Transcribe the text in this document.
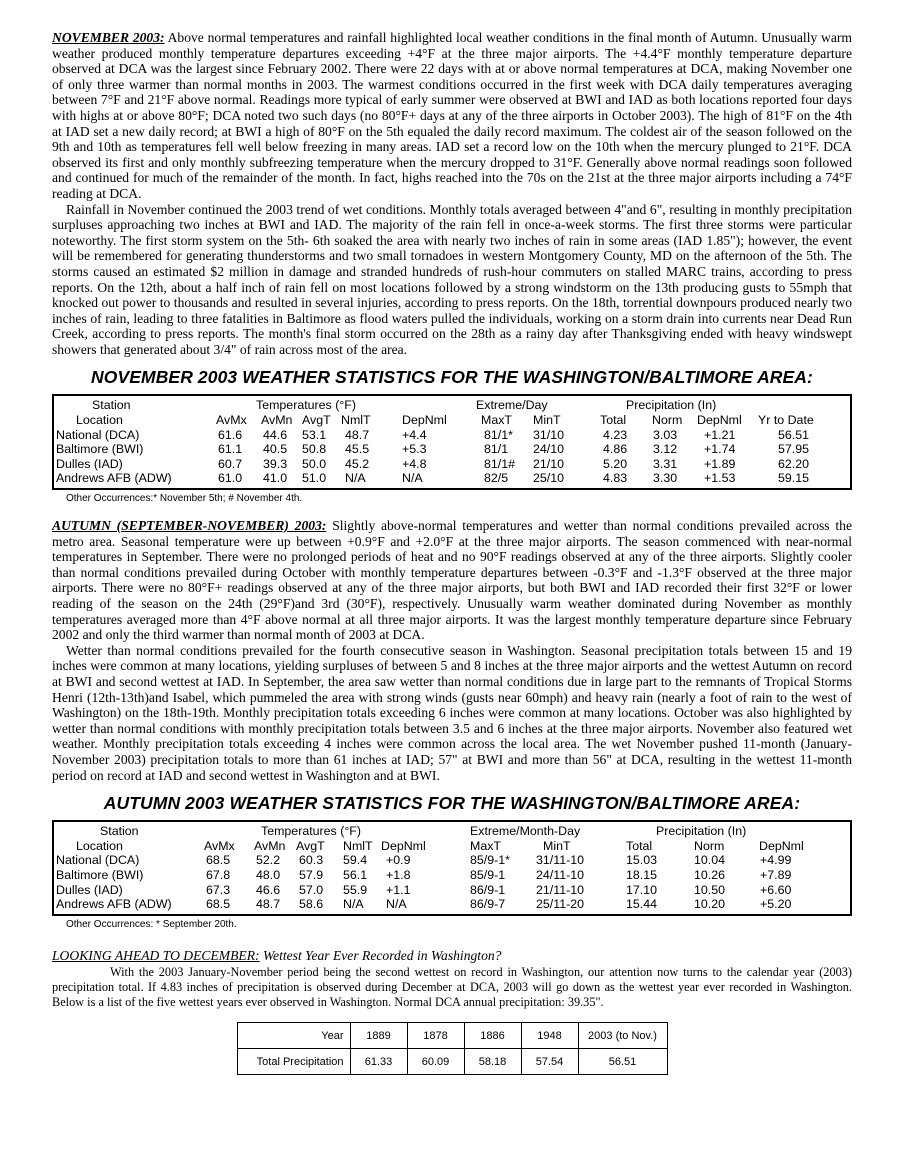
NOVEMBER 2003: Above normal temperatures and rainfall highlighted local weather conditions in the final month of Autumn. Unusually warm weather produced monthly temperature departures exceeding +4°F at the three major airports. The +4.4°F monthly temperature departure observed at DCA was the largest since February 2002. There were 22 days with at or above normal temperatures at DCA, making November one of only three warmer than normal months in 2003. The warmest conditions occurred in the first week with DCA daily temperatures averaging between 7°F and 21°F above normal. Readings more typical of early summer were observed at BWI and IAD as both locations reported four days with highs at or above 80°F; DCA noted two such days (no 80°F+ days at any of the three airports in October 2003). The high of 81°F on the 4th at IAD set a new daily record; at BWI a high of 80°F on the 5th equaled the daily record maximum. The coldest air of the season followed on the 9th and 10th as temperatures fell well below freezing in many areas. IAD set a record low on the 10th when the mercury plunged to 21°F. DCA observed its first and only monthly subfreezing temperature when the mercury dropped to 31°F. Generally above normal readings soon followed and continued for much of the remainder of the month. In fact, highs reached into the 70s on the 21st at the three major airports including a 74°F reading at DCA.

Rainfall in November continued the 2003 trend of wet conditions. Monthly totals averaged between 4"and 6", resulting in monthly precipitation surpluses approaching two inches at BWI and IAD. The majority of the rain fell in once-a-week storms. The first three storms were particular noteworthy. The first storm system on the 5th- 6th soaked the area with nearly two inches of rain in some areas (IAD 1.85"); however, the event will be remembered for generating thunderstorms and two small tornadoes in western Montgomery County, MD on the afternoon of the 5th. The storms caused an estimated $2 million in damage and stranded hundreds of rush-hour commuters on stalled MARC trains, according to press reports. On the 12th, about a half inch of rain fell on most locations followed by a strong windstorm on the 13th producing gusts to 55mph that knocked out power to thousands and resulted in several injuries, according to press reports. On the 18th, torrential downpours produced nearly two inches of rain, leading to three fatalities in Baltimore as flood waters pulled the individuals, working on a storm drain into currents near Dead Run Creek, according to press reports. The month's final storm occurred on the 28th as a rainy day after Thanksgiving ended with heavy windswept showers that generated about 3/4" of rain across most of the area.

NOVEMBER 2003 WEATHER STATISTICS FOR THE WASHINGTON/BALTIMORE AREA:
Station	Temperatures (°F)	Extreme/Day	Precipitation (In)
Location	AvMx AvMn AvgT NmlT	DepNml	MaxT MinT	Total Norm DepNml Yr to Date
National (DCA)	61.6 44.6 53.1 48.7	+4.4	81/1* 31/10	4.23 3.03 +1.21	56.51
Baltimore (BWI)	61.1 40.5 50.8 45.5	+5.3	81/1 24/10	4.86 3.12 +1.74	57.95
Dulles (IAD)	60.7 39.3 50.0 45.2	+4.8	81/1# 21/10	5.20 3.31 +1.89	62.20
Andrews AFB (ADW)	61.0 41.0 51.0 N/A	N/A	82/5 25/10	4.83 3.30 +1.53	59.15
Other Occurrences:* November 5th; # November 4th.

AUTUMN (SEPTEMBER-NOVEMBER) 2003: Slightly above-normal temperatures and wetter than normal conditions prevailed across the metro area. Seasonal temperature were up between +0.9°F and +2.0°F at the three major airports. The season commenced with near-normal temperatures in September. There were no prolonged periods of heat and no 90°F readings observed at any of the three airports. Slightly cooler than normal conditions prevailed during October with monthly temperature departures between -0.3°F and -1.3°F observed at the three major airports. There were no 80°F+ readings observed at any of the three major airports, but both BWI and IAD recorded their first 32°F or lower reading of the season on the 24th (29°F)and 3rd (30°F), respectively. Unusually warm weather dominated during November as monthly temperatures averaged more than 4°F above normal at all three major airports. It was the largest monthly temperature departure since February 2002 and only the third warmer than normal month of 2003 at DCA.

Wetter than normal conditions prevailed for the fourth consecutive season in Washington. Seasonal precipitation totals between 15 and 19 inches were common at many locations, yielding surpluses of between 5 and 8 inches at the three major airports and the wettest Autumn on record at BWI and second wettest at IAD. In September, the area saw wetter than normal conditions due in large part to the remnants of Tropical Storms Henri (12th-13th)and Isabel, which pummeled the area with strong winds (gusts near 60mph) and heavy rain (nearly a foot of rain to the west of Washington) on the 18th-19th. Monthly precipitation totals exceeding 6 inches were common at many locations. October was also highlighted by wetter than normal conditions with monthly precipitation totals between 3.5 and 6 inches at the three major airports. November also featured wet weather. Monthly precipitation totals exceeding 4 inches were common across the local area. The wet November pushed 11-month (January-November 2003) precipitation totals to more than 61 inches at IAD; 57" at BWI and more than 56" at DCA, resulting in the wettest 11-month period on record at IAD and second wettest in Washington and at BWI.

AUTUMN 2003 WEATHER STATISTICS FOR THE WASHINGTON/BALTIMORE AREA:
Station	Temperatures (°F)	Extreme/Month-Day	Precipitation (In)
Location	AvMx AvMn AvgT NmlT DepNml	MaxT	MinT	Total	Norm	DepNml
National (DCA)	68.5 52.2 60.3 59.4 +0.9	85/9-1* 31/11-10	15.03	10.04	+4.99
Baltimore (BWI)	67.8 48.0 57.9 56.1 +1.8	85/9-1 24/11-10	18.15	10.26	+7.89
Dulles (IAD)	67.3 46.6 57.0 55.9 +1.1	86/9-1 21/11-10	17.10	10.50	+6.60
Andrews AFB (ADW)	68.5 48.7 58.6 N/A N/A	86/9-7 25/11-20	15.44	10.20	+5.20
Other Occurrences: * September 20th.

LOOKING AHEAD TO DECEMBER: Wettest Year Ever Recorded in Washington?

With the 2003 January-November period being the second wettest on record in Washington, our attention now turns to the calendar year (2003) precipitation total. If 4.83 inches of precipitation is observed during December at DCA, 2003 will go down as the wettest year ever recorded in Washington. Below is a list of the five wettest years ever observed in Washington. Normal DCA annual precipitation: 39.35".

Year	1889	1878	1886	1948	2003 (to Nov.)
Total Precipitation	61.33	60.09	58.18	57.54	56.51
